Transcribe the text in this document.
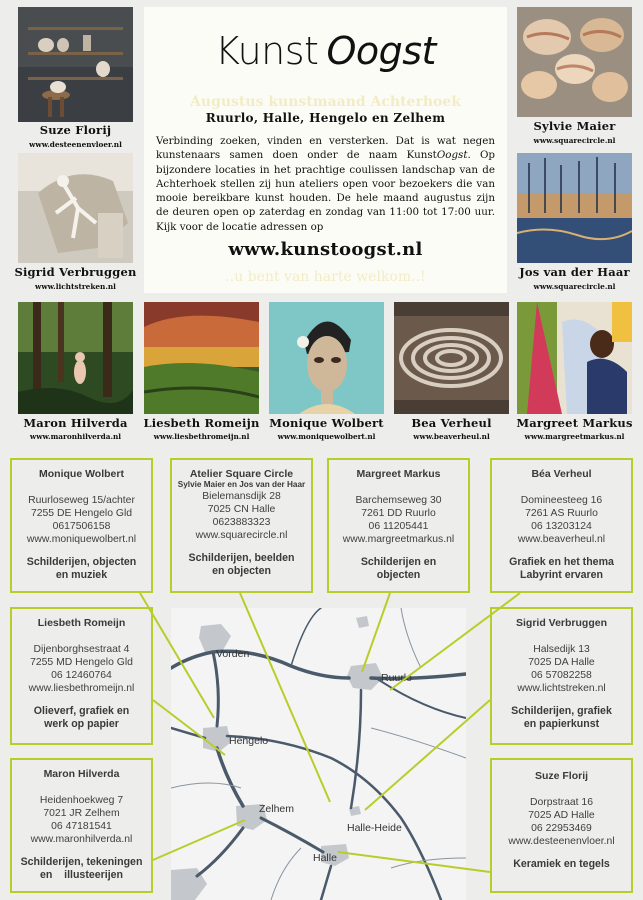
Suze Florij
www.desteenenvloer.nl
Sylvie Maier
www.squarecircle.nl
Sigrid Verbruggen
www.lichtstreken.nl
Jos van der Haar
www.squarecircle.nl
Maron Hilverda
www.maronhilverda.nl
Liesbeth Romeijn
www.liesbethromeijn.nl
Monique Wolbert
www.moniquewolbert.nl
Bea Verheul
www.beaverheul.nl
Margreet Markus
www.margreetmarkus.nl
Kunst Oogst
Augustus kunstmaand Achterhoek
Ruurlo, Halle, Hengelo en Zelhem
Verbinding zoeken, vinden en versterken. Dat is wat negen kunstenaars samen doen onder de naam KunstOogst. Op bijzondere locaties in het prachtige coulissen landschap van de Achterhoek stellen zij hun ateliers open voor bezoekers die van mooie bereikbare kunst houden. De hele maand augustus zijn de deuren open op zaterdag en zondag van 11:00 tot 17:00 uur. Kijk voor de locatie adressen op
www.kunstoogst.nl
..u bent van harte welkom..!
Vorden
Ruurlo
Hengelo
Zelhem
Halle-Heide
Halle
Monique Wolbert
Ruurloseweg 15/achter
7255 DE Hengelo Gld
0617506158
www.moniquewolbert.nl
Schilderijen, objecten
en muziek
Atelier Square Circle
Sylvie Maier en Jos van der Haar
Bielemansdijk 28
7025 CN Halle
0623883323
www.squarecircle.nl
Schilderijen, beelden
en objecten
Margreet Markus
Barchemseweg 30
7261 DD Ruurlo
06 11205441
www.margreetmarkus.nl
Schilderijen en
objecten
Béa Verheul
Domineesteeg 16
7261 AS Ruurlo
06 13203124
www.beaverheul.nl
Grafiek en het thema
Labyrint ervaren
Liesbeth Romeijn
Dijenborghsestraat 4
7255 MD Hengelo Gld
06 12460764
www.liesbethromeijn.nl
Olieverf, grafiek en
werk op papier
Sigrid Verbruggen
Halsedijk 13
7025 DA Halle
06 57082258
www.lichtstreken.nl
Schilderijen, grafiek
en papierkunst
Maron Hilverda
Heidenhoekweg 7
7021 JR Zelhem
06 47181541
www.maronhilverda.nl
Schilderijen, tekeningen
en    illusteerijen
Suze Florij
Dorpstraat 16
7025 AD Halle
06 22953469
www.desteenenvloer.nl
Keramiek en tegels
